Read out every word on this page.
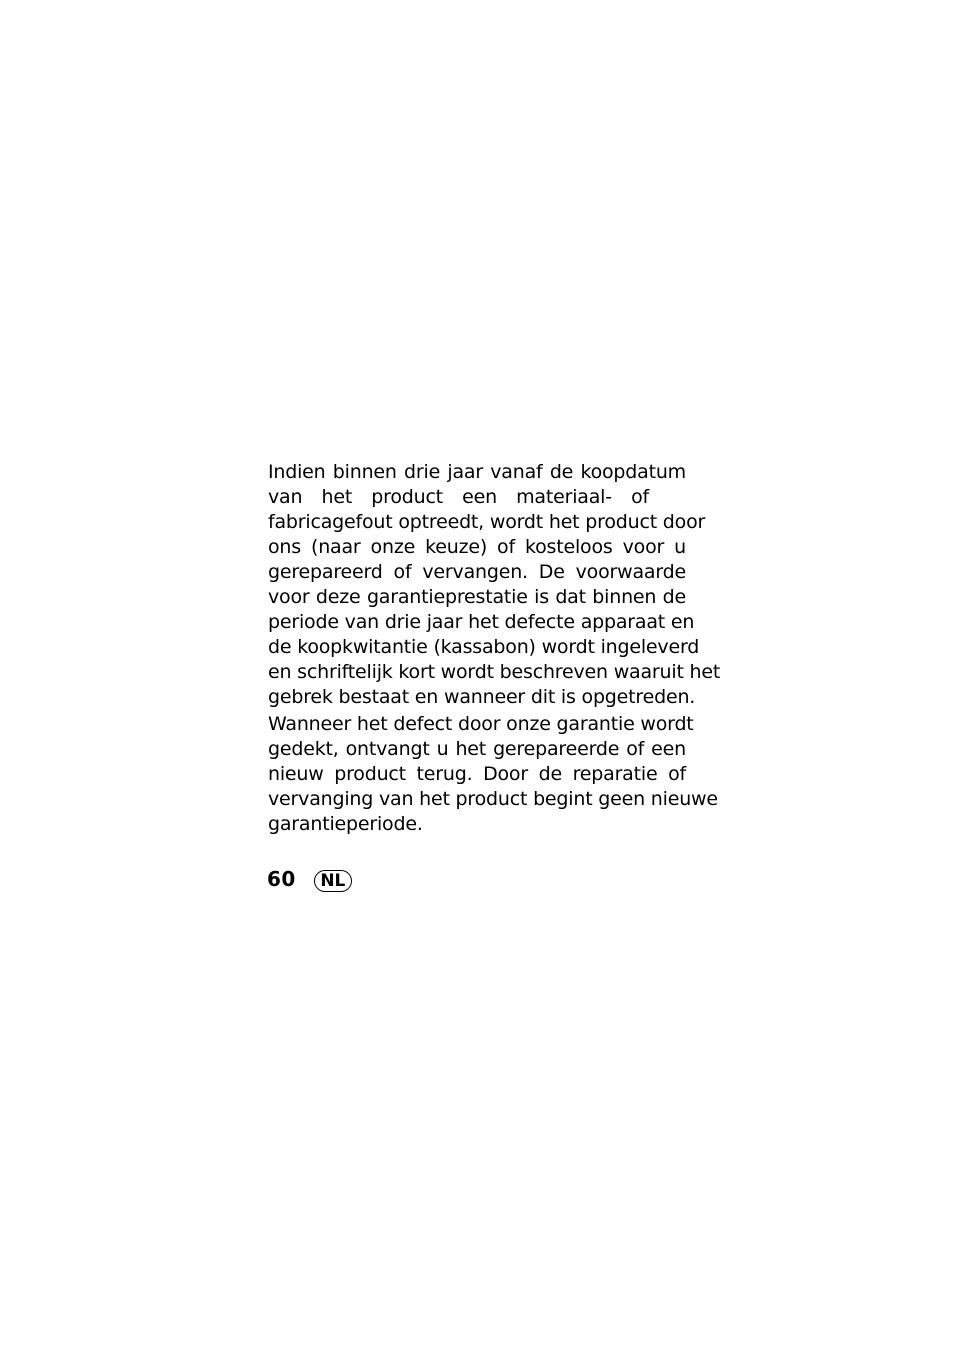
Indien binnen drie jaar vanaf de koopdatum
van het product een materiaal- of
fabricagefout optreedt, wordt het product door
ons (naar onze keuze) of kosteloos voor u
gerepareerd of vervangen. De voorwaarde
voor deze garantieprestatie is dat binnen de
periode van drie jaar het defecte apparaat en
de koopkwitantie (kassabon) wordt ingeleverd
en schriftelijk kort wordt beschreven waaruit het
gebrek bestaat en wanneer dit is opgetreden.

Wanneer het defect door onze garantie wordt
gedekt, ontvangt u het gerepareerde of een
nieuw product terug. Door de reparatie of
vervanging van het product begint geen nieuwe
garantieperiode.

60	NL
